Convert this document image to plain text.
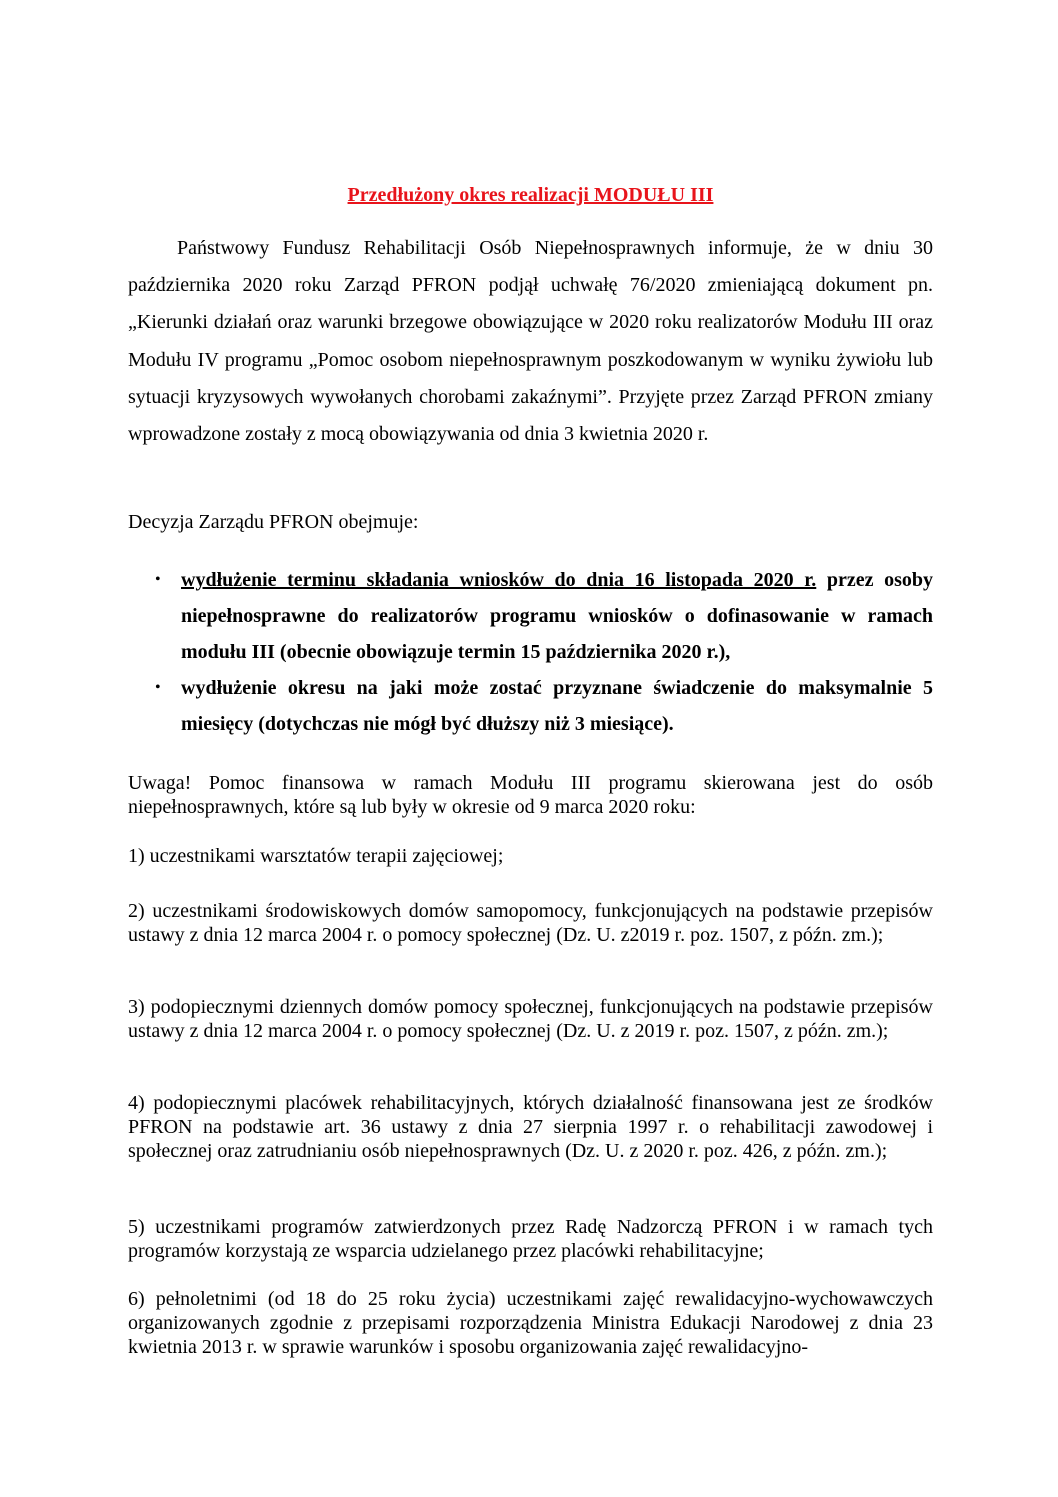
Przedłużony okres realizacji MODUŁU III

Państwowy Fundusz Rehabilitacji Osób Niepełnosprawnych informuje, że w dniu 30 października 2020 roku Zarząd PFRON podjął uchwałę 76/2020 zmieniającą dokument pn. „Kierunki działań oraz warunki brzegowe obowiązujące w 2020 roku realizatorów Modułu III oraz Modułu IV programu „Pomoc osobom niepełnosprawnym poszkodowanym w wyniku żywiołu lub sytuacji kryzysowych wywołanych chorobami zakaźnymi”. Przyjęte przez Zarząd PFRON zmiany wprowadzone zostały z mocą obowiązywania od dnia 3 kwietnia 2020 r.

Decyzja Zarządu PFRON obejmuje:

• wydłużenie terminu składania wniosków do dnia 16 listopada 2020 r. przez osoby niepełnosprawne do realizatorów programu wniosków o dofinasowanie w ramach modułu III (obecnie obowiązuje termin 15 października 2020 r.),
• wydłużenie okresu na jaki może zostać przyznane świadczenie do maksymalnie 5 miesięcy (dotychczas nie mógł być dłuższy niż 3 miesiące).

Uwaga! Pomoc finansowa w ramach Modułu III programu skierowana jest do osób niepełnosprawnych, które są lub były w okresie od 9 marca 2020 roku:

1) uczestnikami warsztatów terapii zajęciowej;

2) uczestnikami środowiskowych domów samopomocy, funkcjonujących na podstawie przepisów ustawy z dnia 12 marca 2004 r. o pomocy społecznej (Dz. U. z2019 r. poz. 1507, z późn. zm.);

3) podopiecznymi dziennych domów pomocy społecznej, funkcjonujących na podstawie przepisów ustawy z dnia 12 marca 2004 r. o pomocy społecznej (Dz. U. z 2019 r. poz. 1507, z późn. zm.);

4) podopiecznymi placówek rehabilitacyjnych, których działalność finansowana jest ze środków PFRON na podstawie art. 36 ustawy z dnia 27 sierpnia 1997 r. o rehabilitacji zawodowej i społecznej oraz zatrudnianiu osób niepełnosprawnych (Dz. U. z 2020 r. poz. 426, z późn. zm.);

5) uczestnikami programów zatwierdzonych przez Radę Nadzorczą PFRON i w ramach tych programów korzystają ze wsparcia udzielanego przez placówki rehabilitacyjne;

6) pełnoletnimi (od 18 do 25 roku życia) uczestnikami zajęć rewalidacyjno-wychowawczych organizowanych zgodnie z przepisami rozporządzenia Ministra Edukacji Narodowej z dnia 23 kwietnia 2013 r. w sprawie warunków i sposobu organizowania zajęć rewalidacyjno-
